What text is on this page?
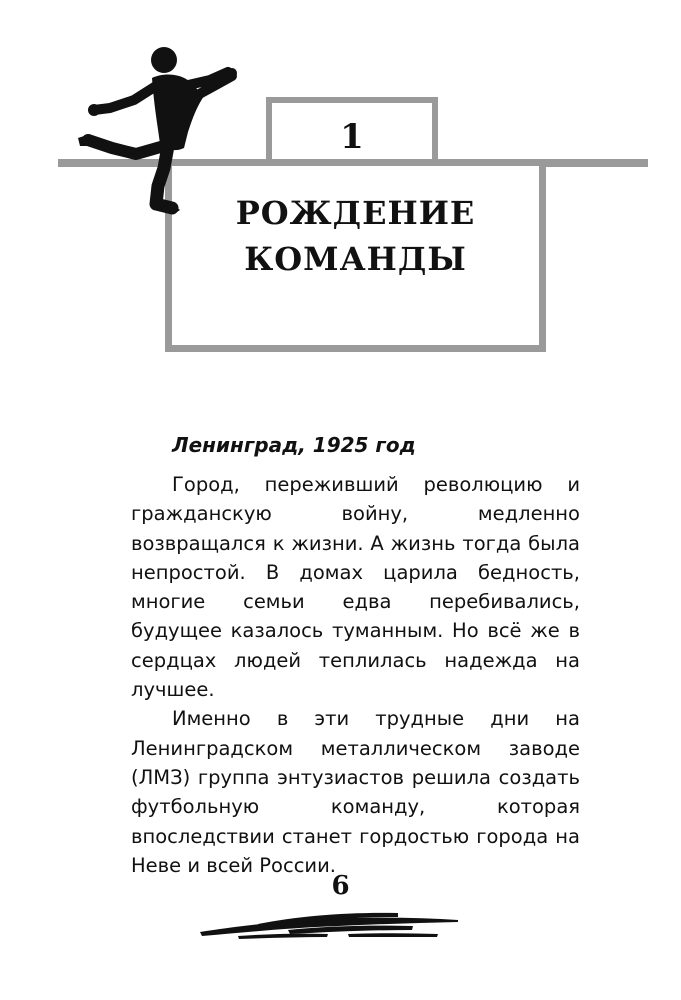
1
РОЖДЕНИЕ КОМАНДЫ
Ленинград, 1925 год

Город, переживший революцию и гражданскую войну, медленно возвращался к жизни. А жизнь тогда была непростой. В домах царила бедность, многие семьи едва перебивались, будущее казалось туманным. Но всё же в сердцах людей теплилась надежда на лучшее.

Именно в эти трудные дни на Ленинградском металлическом заводе (ЛМЗ) группа энтузиастов решила создать футбольную команду, которая впоследствии станет гордостью города на Неве и всей России.

6
